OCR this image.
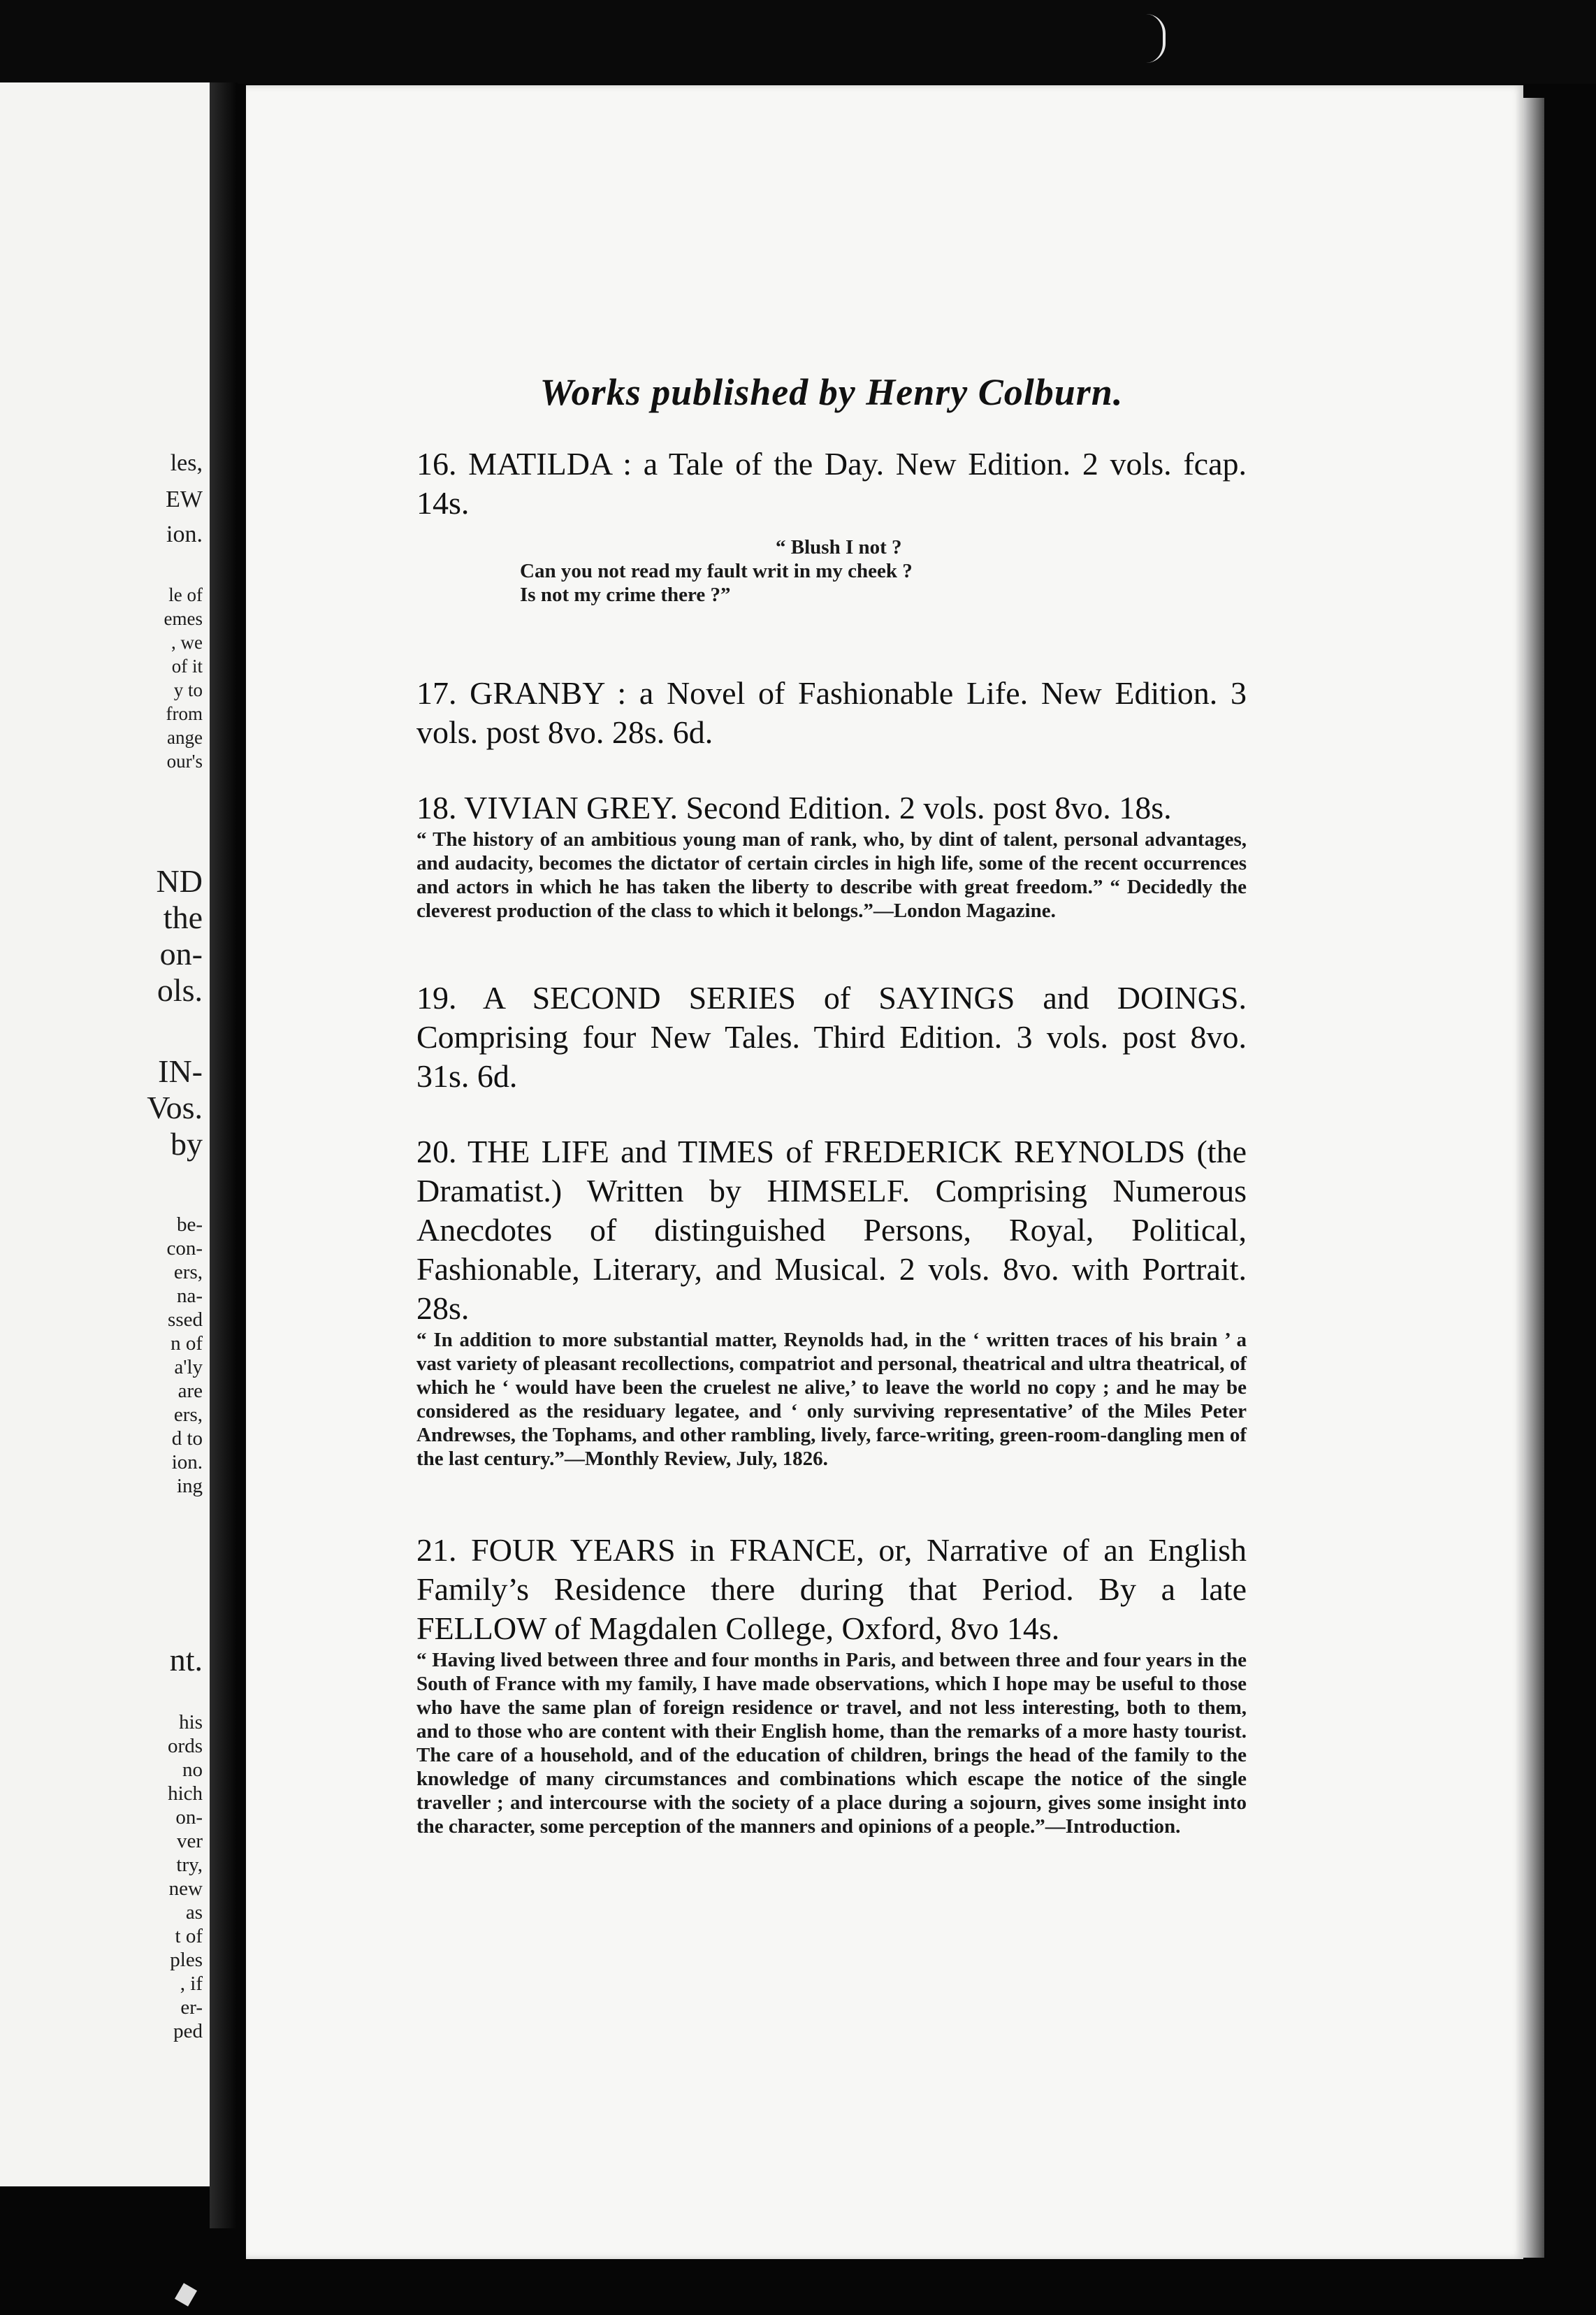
les,
EW
ion.
le of
emes
, we
of it
y to
from
ange
our's
ND
the
on-
ols.
IN-
Vos.
by
be-
con-
ers,
na-
ssed
n of
a'ly
are
ers,
d to
ion.
ing
nt.
his
ords
no
hich
on-
ver
try,
new
as
t of
ples
, if
er-
ped
Works published by Henry Colburn.

16. MATILDA : a Tale of the Day. New Edition. 2 vols. fcap. 14s.

“ Blush I not ?
Can you not read my fault writ in my cheek ?
Is not my crime there ?”

17. GRANBY : a Novel of Fashionable Life. New Edition. 3 vols. post 8vo. 28s. 6d.

18. VIVIAN GREY. Second Edition. 2 vols. post 8vo. 18s.

“ The history of an ambitious young man of rank, who, by dint of talent, personal advantages, and audacity, becomes the dictator of certain circles in high life, some of the recent occurrences and actors in which he has taken the liberty to describe with great freedom.” “ Decidedly the cleverest production of the class to which it belongs.”—London Magazine.

19. A SECOND SERIES of SAYINGS and DOINGS. Comprising four New Tales. Third Edition. 3 vols. post 8vo. 31s. 6d.

20. THE LIFE and TIMES of FREDERICK REYNOLDS (the Dramatist.) Written by HIMSELF. Comprising Numerous Anecdotes of distinguished Persons, Royal, Political, Fashionable, Literary, and Musical. 2 vols. 8vo. with Portrait. 28s.

“ In addition to more substantial matter, Reynolds had, in the ‘ written traces of his brain ’ a vast variety of pleasant recollections, compatriot and personal, theatrical and ultra theatrical, of which he ‘ would have been the cruelest ne alive,’ to leave the world no copy ; and he may be considered as the residuary legatee, and ‘ only surviving representative’ of the Miles Peter Andrewses, the Tophams, and other rambling, lively, farce-writing, green-room-dangling men of the last century.”—Monthly Review, July, 1826.

21. FOUR YEARS in FRANCE, or, Narrative of an English Family’s Residence there during that Period. By a late FELLOW of Magdalen College, Oxford, 8vo 14s.

“ Having lived between three and four months in Paris, and between three and four years in the South of France with my family, I have made observations, which I hope may be useful to those who have the same plan of foreign residence or travel, and not less interesting, both to them, and to those who are content with their English home, than the remarks of a more hasty tourist. The care of a household, and of the education of children, brings the head of the family to the knowledge of many circumstances and combinations which escape the notice of the single traveller ; and intercourse with the society of a place during a sojourn, gives some insight into the character, some perception of the manners and opinions of a people.”—Introduction.
